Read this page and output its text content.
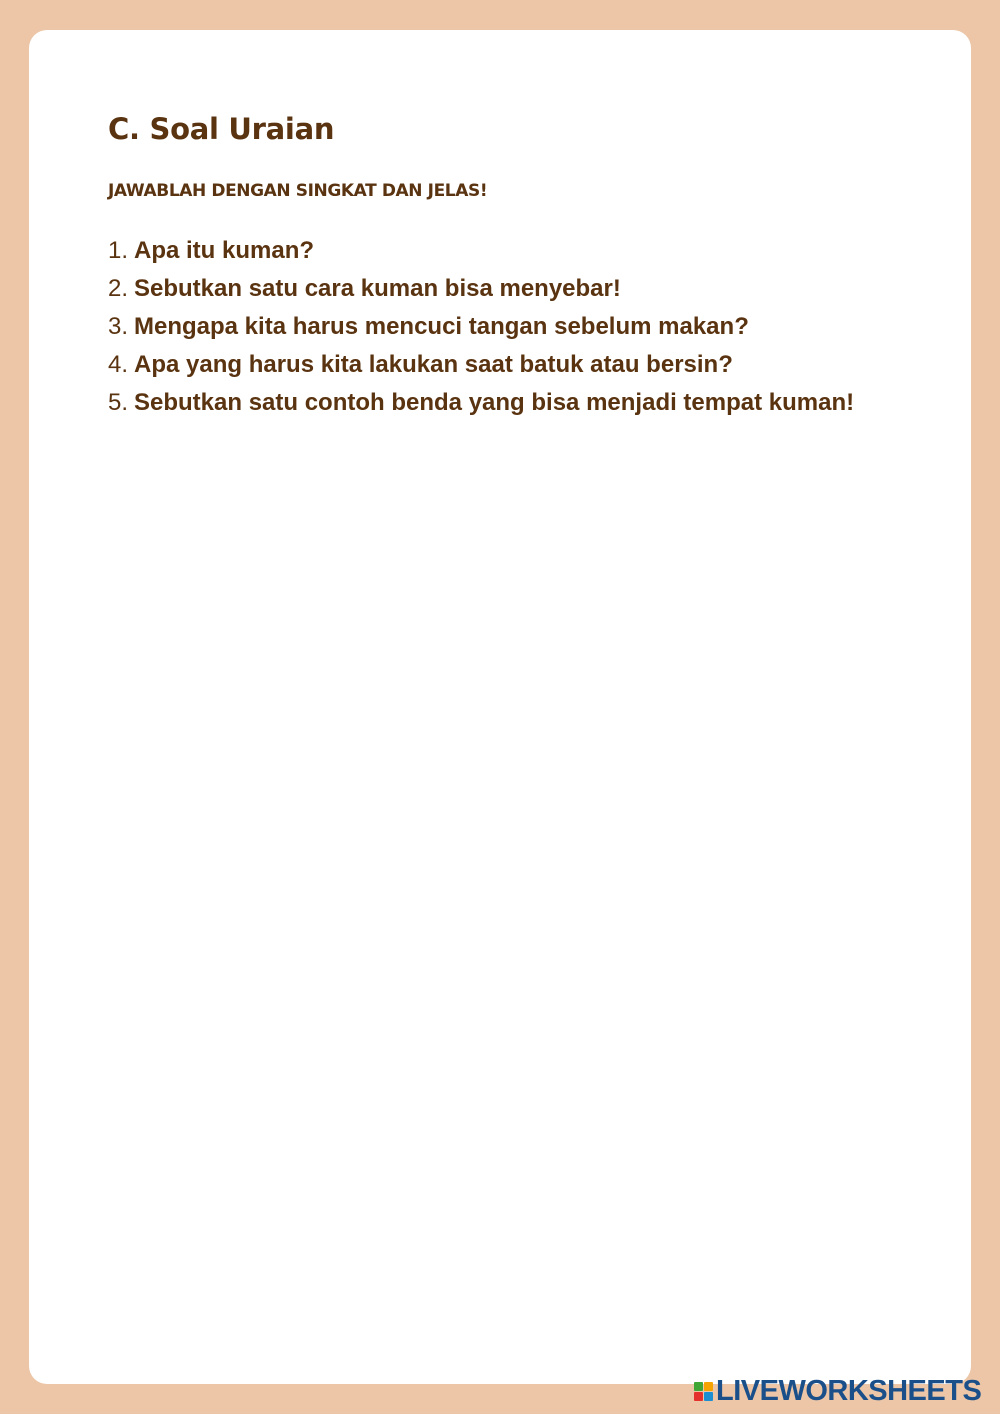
C. Soal Uraian

JAWABLAH DENGAN SINGKAT DAN JELAS!

1. Apa itu kuman?
2. Sebutkan satu cara kuman bisa menyebar!
3. Mengapa kita harus mencuci tangan sebelum makan?
4. Apa yang harus kita lakukan saat batuk atau bersin?
5. Sebutkan satu contoh benda yang bisa menjadi tempat kuman!
LIVEWORKSHEETS
